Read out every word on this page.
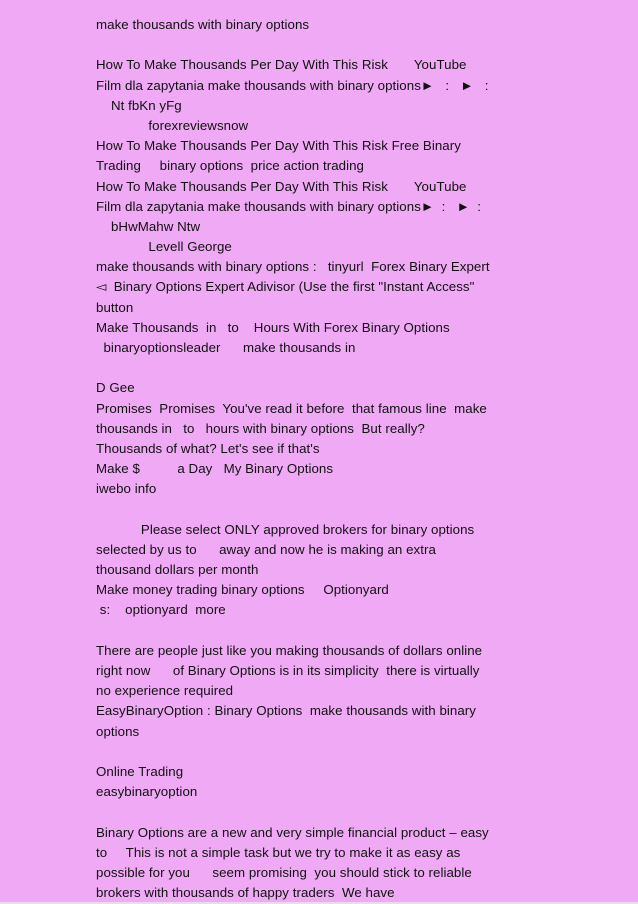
make thousands with binary options
How To Make Thousands Per Day With This Risk       YouTube
Film dla zapytania make thousands with binary options►   :   ►   :
Nt fbKn yFg
forexreviewsnow
How To Make Thousands Per Day With This Risk Free Binary
Trading     binary options  price action trading
How To Make Thousands Per Day With This Risk       YouTube
Film dla zapytania make thousands with binary options►  :   ►  :
bHwMahw Ntw
Levell George
make thousands with binary options :   tinyurl  Forex Binary Expert
◅  Binary Options Expert Adivisor (Use the first "Instant Access"
button
Make Thousands  in   to    Hours With Forex Binary Options
binaryoptionsleader      make thousands in
D Gee
Promises  Promises  You've read it before  that famous line  make
thousands in   to   hours with binary options  But really?
Thousands of what? Let's see if that's
Make $          a Day   My Binary Options
iwebo info
Please select ONLY approved brokers for binary options
selected by us to      away and now he is making an extra
thousand dollars per month
Make money trading binary options     Optionyard
s:    optionyard  more
There are people just like you making thousands of dollars online
right now      of Binary Options is in its simplicity  there is virtually
no experience required
EasyBinaryOption : Binary Options  make thousands with binary
options
Online Trading
easybinaryoption
Binary Options are a new and very simple financial product – easy
to     This is not a simple task but we try to make it as easy as
possible for you      seem promising  you should stick to reliable
brokers with thousands of happy traders  We have
